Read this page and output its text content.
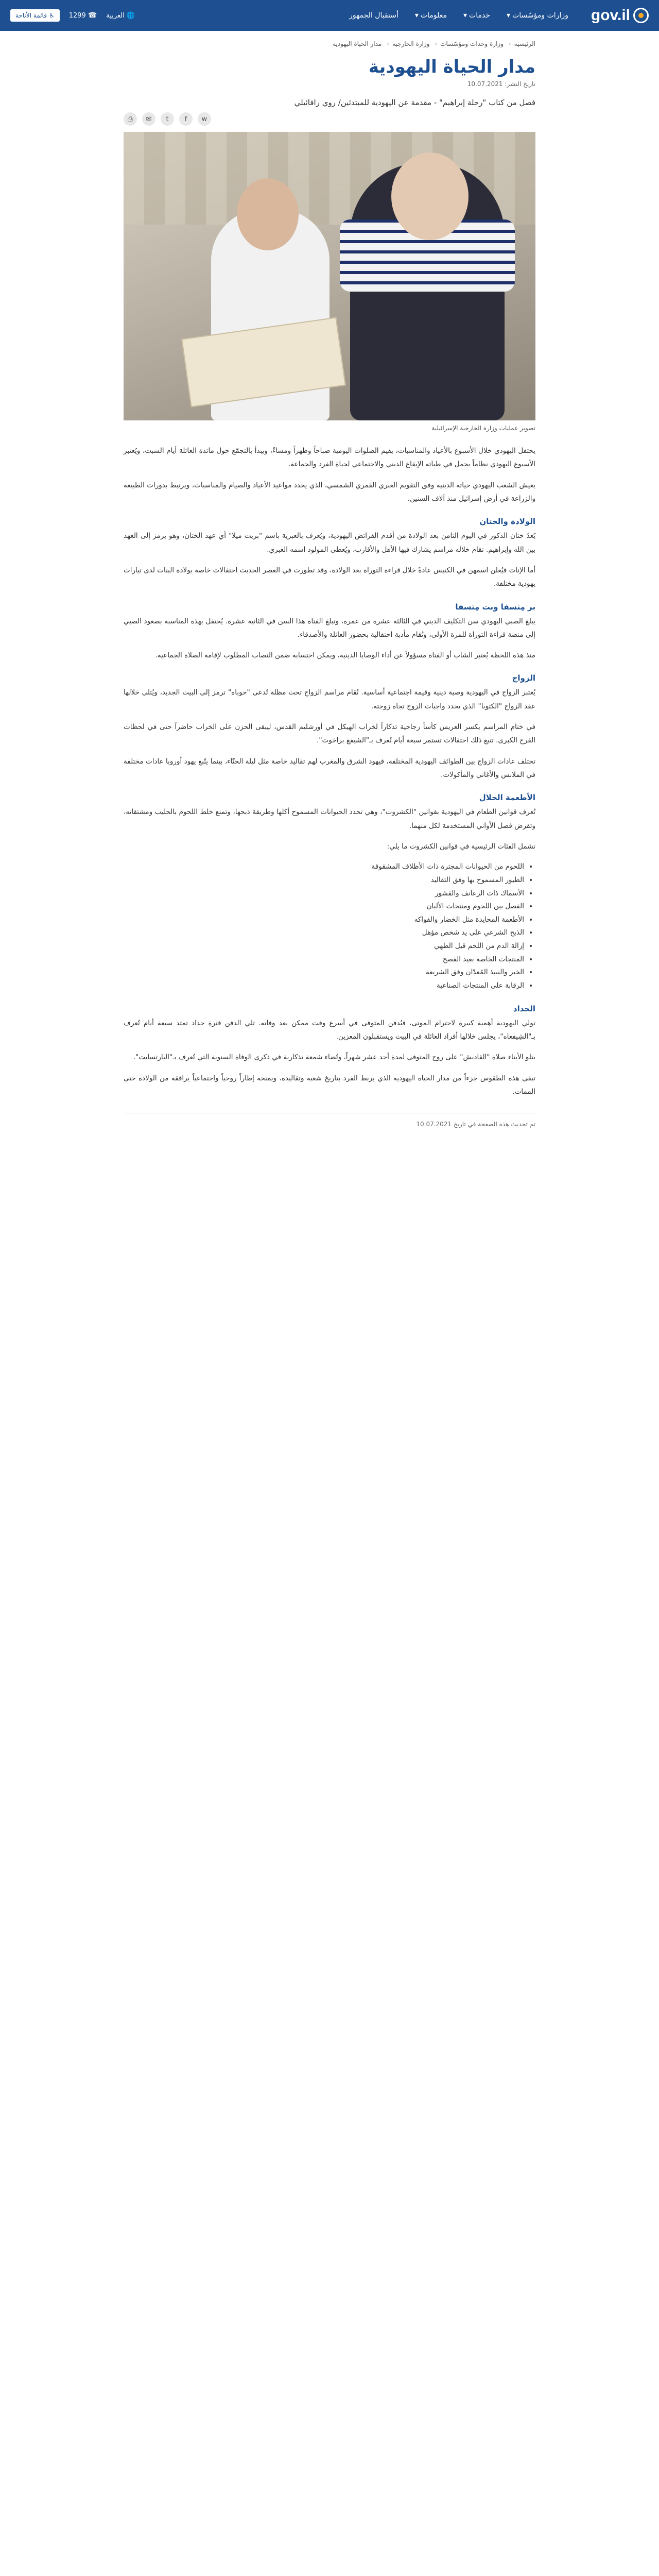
gov.il
وزارات ومؤسّسات
▾
خدمات
▾
معلومات
▾
أستقبال الجمهور
🌐
العربية
☎
1299
♿
قائمة الأتاحة
الرئيسية› وزارة وحدات ومؤسّسات› وزارة الخارجية› مدار الحياة اليهودية
مدار الحياة اليهودية
تاريخ النشر: 10.07.2021

فصل من كتاب "رحلة إبراهيم" - مقدمة عن اليهودية للمبتدئين/ روي رافائيلي

⎙	✉	t	f	w

تصوير عمليات وزارة الخارجية الإسرائيلية

يحتفل اليهودي خلال الأسبوع بالأعياد والمناسبات، يقيم الصلوات اليومية صباحاً وظهراً ومساءً، ويبدأ بالتجمّع حول مائدة العائلة أيام السبت، ويُعتبر الأسبوع اليهودي نظاماً يحمل في طياته الإيقاع الديني والاجتماعي لحياة الفرد والجماعة.

يعيش الشعب اليهودي حياته الدينية وفق التقويم العبري القمري الشمسي، الذي يحدد مواعيد الأعياد والصيام والمناسبات، ويرتبط بدورات الطبيعة والزراعة في أرض إسرائيل منذ آلاف السنين.

الولادة والختان

يُعدّ ختان الذكور في اليوم الثامن بعد الولادة من أقدم الفرائض اليهودية، ويُعرف بالعبرية باسم "بريت ميلا" أي عهد الختان، وهو يرمز إلى العهد بين الله وإبراهيم. تقام خلاله مراسم يشارك فيها الأهل والأقارب، ويُعطى المولود اسمه العبري.

أما الإناث فيُعلن اسمهن في الكنيس عادةً خلال قراءة التوراة بعد الولادة، وقد تطورت في العصر الحديث احتفالات خاصة بولادة البنات لدى تيارات يهودية مختلفة.

بر مِتسفا وبت مِتسفا

يبلغ الصبي اليهودي سن التكليف الديني في الثالثة عشرة من عمره، وتبلغ الفتاة هذا السن في الثانية عشرة. يُحتفل بهذه المناسبة بصعود الصبي إلى منصة قراءة التوراة للمرة الأولى، وتُقام مأدبة احتفالية بحضور العائلة والأصدقاء.

منذ هذه اللحظة يُعتبر الشاب أو الفتاة مسؤولاً عن أداء الوصايا الدينية، ويمكن احتسابه ضمن النصاب المطلوب لإقامة الصلاة الجماعية.

الزواج

يُعتبر الزواج في اليهودية وصية دينية وقيمة اجتماعية أساسية. تُقام مراسم الزواج تحت مظلة تُدعى "حوباه" ترمز إلى البيت الجديد، ويُتلى خلالها عقد الزواج "الكتوبا" الذي يحدد واجبات الزوج تجاه زوجته.

في ختام المراسم يكسر العريس كأساً زجاجية تذكاراً لخراب الهيكل في أورشليم القدس، ليبقى الحزن على الخراب حاضراً حتى في لحظات الفرح الكبرى. تتبع ذلك احتفالات تستمر سبعة أيام تُعرف بـ"الشيفع براخوت".

تختلف عادات الزواج بين الطوائف اليهودية المختلفة، فيهود الشرق والمغرب لهم تقاليد خاصة مثل ليلة الحنّاء، بينما يتّبع يهود أوروبا عادات مختلفة في الملابس والأغاني والمأكولات.

الأطعمة الحلال

تُعرف قوانين الطعام في اليهودية بقوانين "الكشروت"، وهي تحدد الحيوانات المسموح أكلها وطريقة ذبحها، وتمنع خلط اللحوم بالحليب ومشتقاته، وتفرض فصل الأواني المستخدمة لكل منهما.

تشمل الفئات الرئيسية في قوانين الكشروت ما يلي:

• اللحوم من الحيوانات المجترة ذات الأظلاف المشقوقة
• الطيور المسموح بها وفق التقاليد
• الأسماك ذات الزعانف والقشور
• الفصل بين اللحوم ومنتجات الألبان
• الأطعمة المحايدة مثل الخضار والفواكه
• الذبح الشرعي على يد شخص مؤهل
• إزالة الدم من اللحم قبل الطهي
• المنتجات الخاصة بعيد الفصح
• الخبز والنبيذ المُعدّان وفق الشريعة
• الرقابة على المنتجات الصناعية
الحداد

تولي اليهودية أهمية كبيرة لاحترام الموتى، فيُدفن المتوفى في أسرع وقت ممكن بعد وفاته. تلي الدفن فترة حداد تمتد سبعة أيام تُعرف بـ"الشِيفعاه"، يجلس خلالها أفراد العائلة في البيت ويستقبلون المعزين.

يتلو الأبناء صلاة "القاديش" على روح المتوفى لمدة أحد عشر شهراً، وتُضاء شمعة تذكارية في ذكرى الوفاة السنوية التي تُعرف بـ"اليارتسايت".

تبقى هذه الطقوس جزءاً من مدار الحياة اليهودية الذي يربط الفرد بتاريخ شعبه وتقاليده، ويمنحه إطاراً روحياً واجتماعياً يرافقه من الولادة حتى الممات.

تم تحديث هذه الصفحة في تاريخ 10.07.2021
